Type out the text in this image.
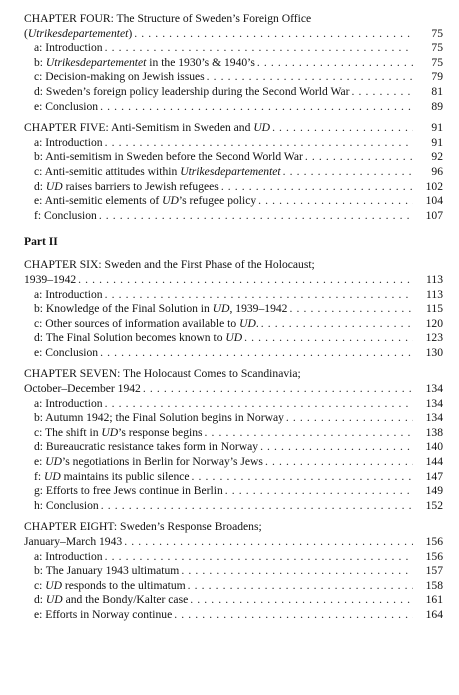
CHAPTER FOUR: The Structure of Sweden’s Foreign Office
(Utrikesdepartementet) . . .	75
a: Introduction . . .	75
b: Utrikesdepartementet in the 1930’s & 1940’s . . .	75
c: Decision-making on Jewish issues . . .	79
d: Sweden’s foreign policy leadership during the Second World War . . .	81
e: Conclusion . . .	89
CHAPTER FIVE: Anti-Semitism in Sweden and UD . . .	91
a: Introduction . . .	91
b: Anti-semitism in Sweden before the Second World War . . .	92
c: Anti-semitic attitudes within Utrikesdepartementet . . .	96
d: UD raises barriers to Jewish refugees . . .	102
e: Anti-semitic elements of UD’s refugee policy . . .	104
f: Conclusion . . .	107
Part II
CHAPTER SIX: Sweden and the First Phase of the Holocaust;
1939–1942 . . .	113
a: Introduction . . .	113
b: Knowledge of the Final Solution in UD, 1939–1942 . . .	115
c: Other sources of information available to UD. . . .	120
d: The Final Solution becomes known to UD . . .	123
e: Conclusion . . .	130
CHAPTER SEVEN: The Holocaust Comes to Scandinavia;
October–December 1942 . . .	134
a: Introduction . . .	134
b: Autumn 1942; the Final Solution begins in Norway . . .	134
c: The shift in UD’s response begins . . .	138
d: Bureaucratic resistance takes form in Norway . . .	140
e: UD’s negotiations in Berlin for Norway’s Jews . . .	144
f: UD maintains its public silence . . .	147
g: Efforts to free Jews continue in Berlin . . .	149
h: Conclusion . . .	152
CHAPTER EIGHT: Sweden’s Response Broadens;
January–March 1943 . . .	156
a: Introduction . . .	156
b: The January 1943 ultimatum . . .	157
c: UD responds to the ultimatum . . .	158
d: UD and the Bondy/Kalter case . . .	161
e: Efforts in Norway continue . . .	164
